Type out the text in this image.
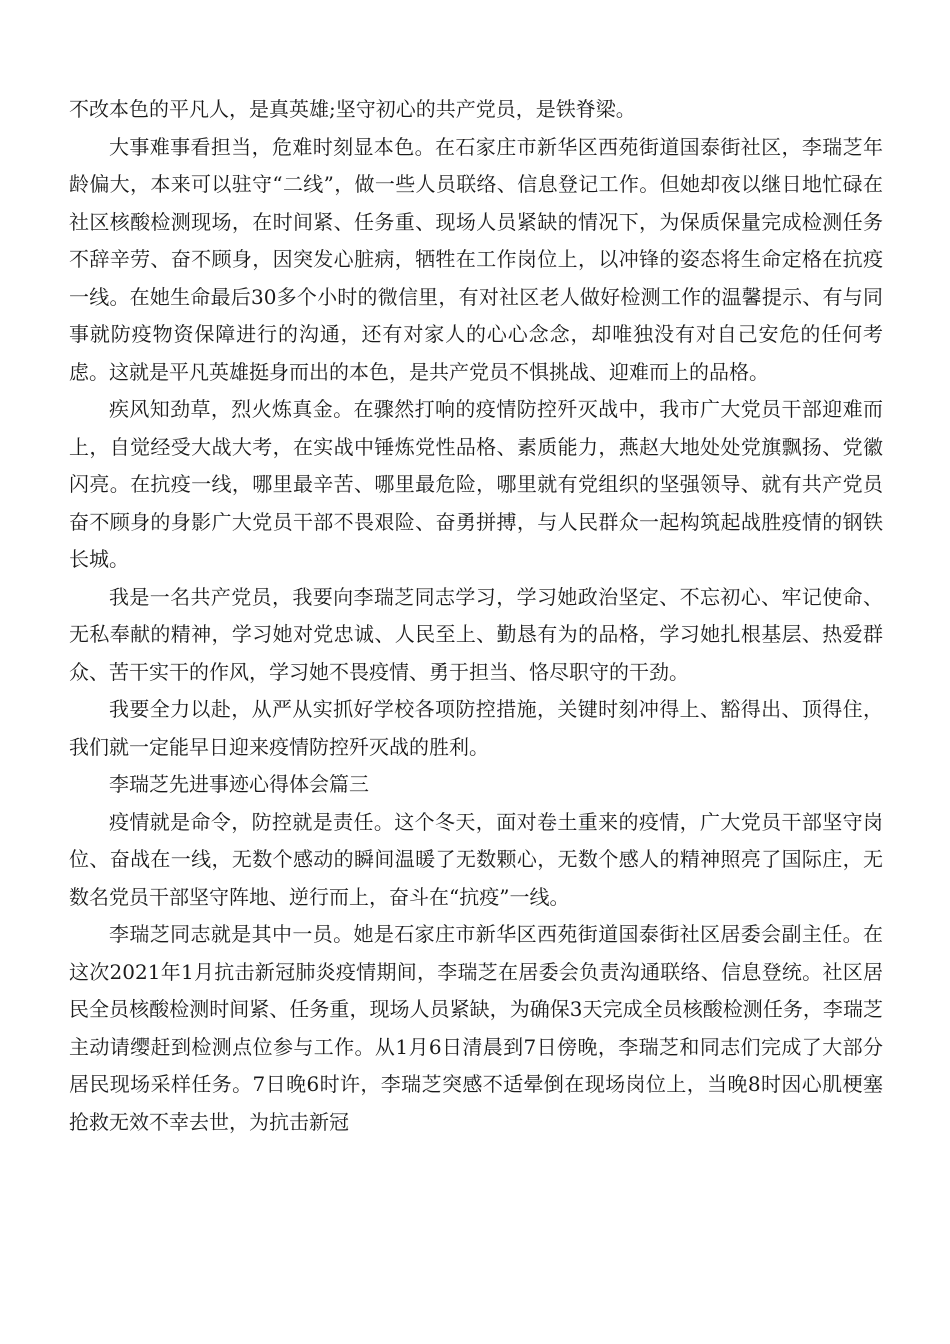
不改本色的平凡人，是真英雄;坚守初心的共产党员，是铁脊梁。

大事难事看担当，危难时刻显本色。在石家庄市新华区西苑街道国泰街社区，李瑞芝年龄偏大，本来可以驻守“二线”，做一些人员联络、信息登记工作。但她却夜以继日地忙碌在社区核酸检测现场，在时间紧、任务重、现场人员紧缺的情况下，为保质保量完成检测任务不辞辛劳、奋不顾身，因突发心脏病，牺牲在工作岗位上，以冲锋的姿态将生命定格在抗疫一线。在她生命最后30多个小时的微信里，有对社区老人做好检测工作的温馨提示、有与同事就防疫物资保障进行的沟通，还有对家人的心心念念，却唯独没有对自己安危的任何考虑。这就是平凡英雄挺身而出的本色，是共产党员不惧挑战、迎难而上的品格。

疾风知劲草，烈火炼真金。在骤然打响的疫情防控歼灭战中，我市广大党员干部迎难而上，自觉经受大战大考，在实战中锤炼党性品格、素质能力，燕赵大地处处党旗飘扬、党徽闪亮。在抗疫一线，哪里最辛苦、哪里最危险，哪里就有党组织的坚强领导、就有共产党员奋不顾身的身影广大党员干部不畏艰险、奋勇拼搏，与人民群众一起构筑起战胜疫情的钢铁长城。

我是一名共产党员，我要向李瑞芝同志学习，学习她政治坚定、不忘初心、牢记使命、无私奉献的精神，学习她对党忠诚、人民至上、勤恳有为的品格，学习她扎根基层、热爱群众、苦干实干的作风，学习她不畏疫情、勇于担当、恪尽职守的干劲。

我要全力以赴，从严从实抓好学校各项防控措施，关键时刻冲得上、豁得出、顶得住，我们就一定能早日迎来疫情防控歼灭战的胜利。

李瑞芝先进事迹心得体会篇三

疫情就是命令，防控就是责任。这个冬天，面对卷土重来的疫情，广大党员干部坚守岗位、奋战在一线，无数个感动的瞬间温暖了无数颗心，无数个感人的精神照亮了国际庄，无数名党员干部坚守阵地、逆行而上，奋斗在“抗疫”一线。

李瑞芝同志就是其中一员。她是石家庄市新华区西苑街道国泰街社区居委会副主任。在这次2021年1月抗击新冠肺炎疫情期间，李瑞芝在居委会负责沟通联络、信息登统。社区居民全员核酸检测时间紧、任务重，现场人员紧缺，为确保3天完成全员核酸检测任务，李瑞芝主动请缨赶到检测点位参与工作。从1月6日清晨到7日傍晚，李瑞芝和同志们完成了大部分居民现场采样任务。7日晚6时许，李瑞芝突感不适晕倒在现场岗位上，当晚8时因心肌梗塞抢救无效不幸去世，为抗击新冠
